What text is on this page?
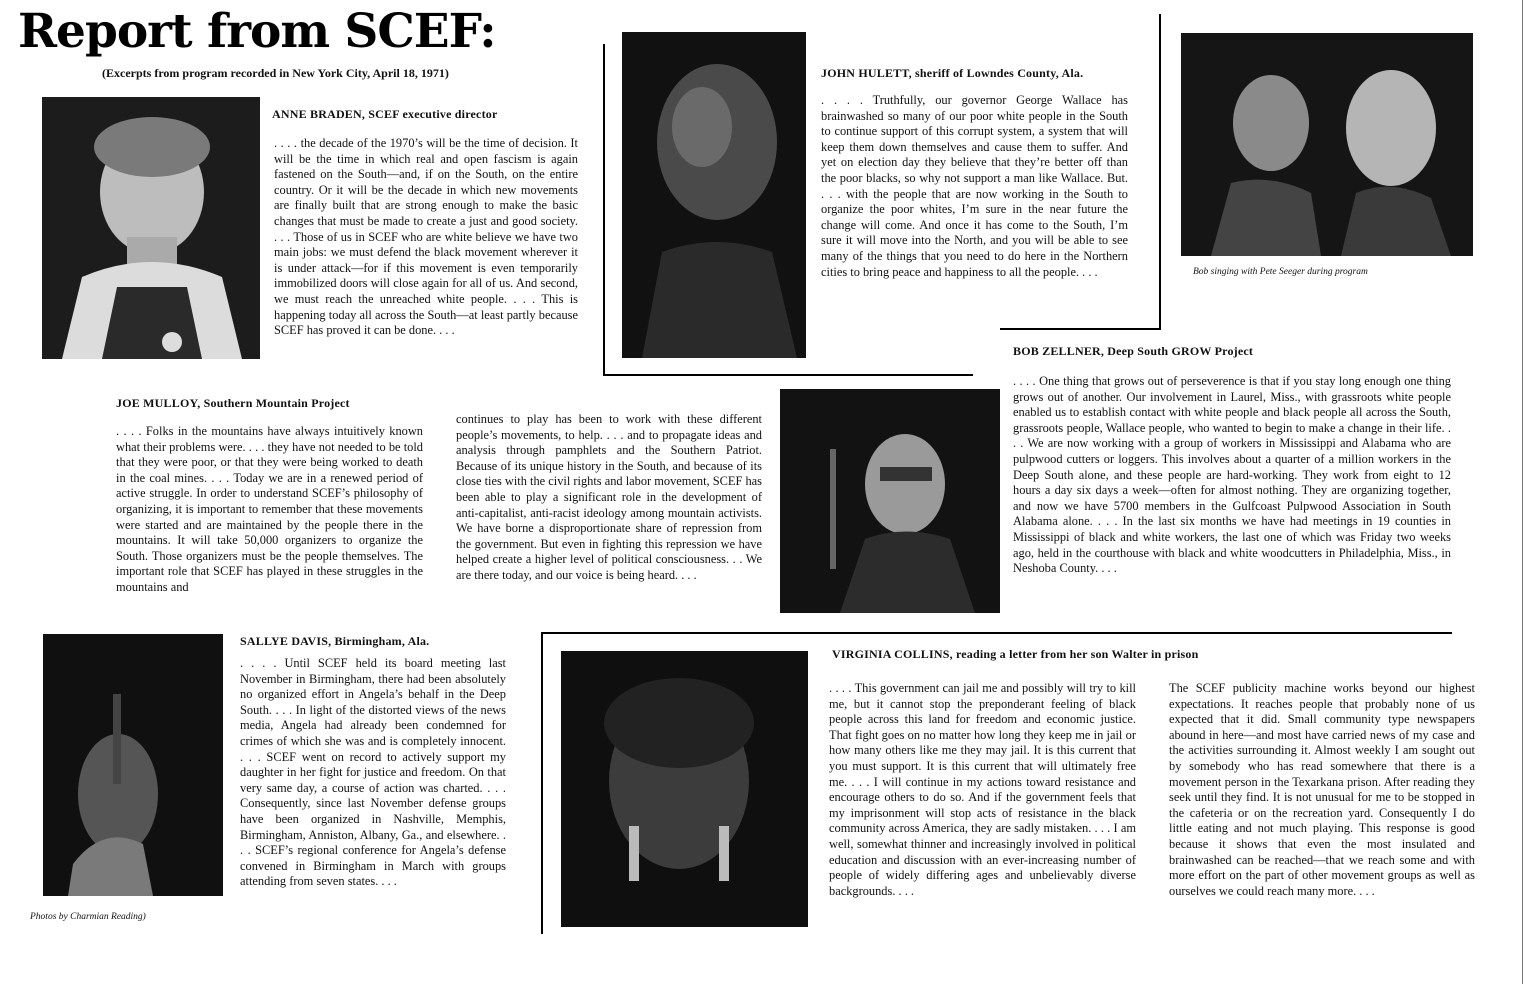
Report from SCEF:
(Excerpts from program recorded in New York City, April 18, 1971)
ANNE BRADEN, SCEF executive director
. . . . the decade of the 1970’s will be the time of decision. It will be the time in which real and open fascism is again fastened on the South—and, if on the South, on the entire country. Or it will be the decade in which new movements are finally built that are strong enough to make the basic changes that must be made to create a just and good society. . . . Those of us in SCEF who are white believe we have two main jobs: we must defend the black movement wherever it is under attack—for if this movement is even temporarily immobilized doors will close again for all of us. And second, we must reach the unreached white people. . . . This is happening today all across the South—at least partly because SCEF has proved it can be done. . . .
JOHN HULETT, sheriff of Lowndes County, Ala.
. . . . Truthfully, our governor George Wallace has brainwashed so many of our poor white people in the South to continue support of this corrupt system, a system that will keep them down themselves and cause them to suffer. And yet on election day they believe that they’re better off than the poor blacks, so why not support a man like Wallace. But. . . . with the people that are now working in the South to organize the poor whites, I’m sure in the near future the change will come. And once it has come to the South, I’m sure it will move into the North, and you will be able to see many of the things that you need to do here in the Northern cities to bring peace and happiness to all the people. . . .	Bob singing with Pete Seeger during program
BOB ZELLNER, Deep South GROW Project
. . . . One thing that grows out of perseverence is that if you stay long enough one thing grows out of another. Our involvement in Laurel, Miss., with grassroots white people enabled us to establish contact with white people and black people all across the South, grassroots people, Wallace people, who wanted to begin to make a change in their life. . . . We are now working with a group of workers in Mississippi and Alabama who are pulpwood cutters or loggers. This involves about a quarter of a million workers in the Deep South alone, and these people are hard-working. They work from eight to 12 hours a day six days a week—often for almost nothing. They are organizing together, and now we have 5700 members in the Gulfcoast Pulpwood Association in South Alabama alone. . . . In the last six months we have had meetings in 19 counties in Mississippi of black and white workers, the last one of which was Friday two weeks ago, held in the courthouse with black and white woodcutters in Philadelphia, Miss., in Neshoba County. . . .
JOE MULLOY, Southern Mountain Project
. . . . Folks in the mountains have always intuitively known what their problems were. . . . they have not needed to be told that they were poor, or that they were being worked to death in the coal mines. . . . Today we are in a renewed period of active struggle. In order to understand SCEF’s philosophy of organizing, it is important to remember that these movements were started and are maintained by the people there in the mountains. It will take 50,000 organizers to organize the South. Those organizers must be the people themselves. The important role that SCEF has played in these struggles in the mountains and
continues to play has been to work with these different people’s movements, to help. . . . and to propagate ideas and analysis through pamphlets and the Southern Patriot. Because of its unique history in the South, and because of its close ties with the civil rights and labor movement, SCEF has been able to play a significant role in the development of anti-capitalist, anti-racist ideology among mountain activists. We have borne a disproportionate share of repression from the government. But even in fighting this repression we have helped create a higher level of political consciousness. . . We are there today, and our voice is being heard. . . .
Photos by Charmian Reading)
SALLYE DAVIS, Birmingham, Ala.
. . . . Until SCEF held its board meeting last November in Birmingham, there had been absolutely no organized effort in Angela’s behalf in the Deep South. . . . In light of the distorted views of the news media, Angela had already been condemned for crimes of which she was and is completely innocent. . . . SCEF went on record to actively support my daughter in her fight for justice and freedom. On that very same day, a course of action was charted. . . . Consequently, since last November defense groups have been organized in Nashville, Memphis, Birmingham, Anniston, Albany, Ga., and elsewhere. . . . SCEF’s regional conference for Angela’s defense convened in Birmingham in March with groups attending from seven states. . . .
VIRGINIA COLLINS, reading a letter from her son Walter in prison
. . . . This government can jail me and possibly will try to kill me, but it cannot stop the preponderant feeling of black people across this land for freedom and economic justice. That fight goes on no matter how long they keep me in jail or how many others like me they may jail. It is this current that you must support. It is this current that will ultimately free me. . . . I will continue in my actions toward resistance and encourage others to do so. And if the government feels that my imprisonment will stop acts of resistance in the black community across America, they are sadly mistaken. . . . I am well, somewhat thinner and increasingly involved in political education and discussion with an ever-increasing number of people of widely differing ages and unbelievably diverse backgrounds. . . .
The SCEF publicity machine works beyond our highest expectations. It reaches people that probably none of us expected that it did. Small community type newspapers abound in here—and most have carried news of my case and the activities surrounding it. Almost weekly I am sought out by somebody who has read somewhere that there is a movement person in the Texarkana prison. After reading they seek until they find. It is not unusual for me to be stopped in the cafeteria or on the recreation yard. Consequently I do little eating and not much playing. This response is good because it shows that even the most insulated and brainwashed can be reached—that we reach some and with more effort on the part of other movement groups as well as ourselves we could reach many more. . . .
